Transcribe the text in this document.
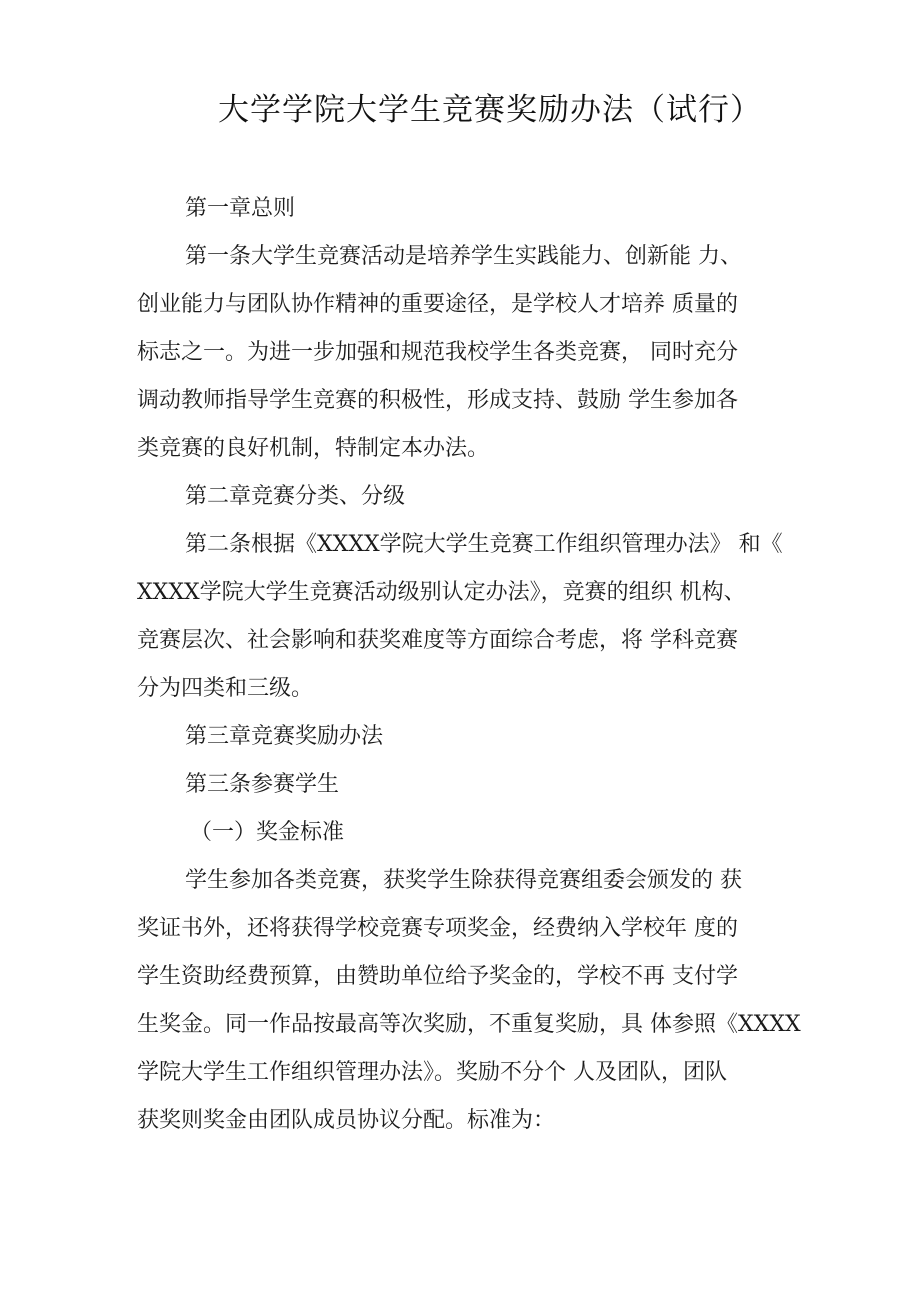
大学学院大学生竞赛奖励办法（试行）

第一章总则

第一条大学生竞赛活动是培养学生实践能力、创新能 力、

创业能力与团队协作精神的重要途径，是学校人才培养 质量的

标志之一。为进一步加强和规范我校学生各类竞赛， 同时充分

调动教师指导学生竞赛的积极性，形成支持、鼓励 学生参加各

类竞赛的良好机制，特制定本办法。

第二章竞赛分类、分级

第二条根据《XXXX学院大学生竞赛工作组织管理办法》 和《

XXXX学院大学生竞赛活动级别认定办法》，竞赛的组织 机构、

竞赛层次、社会影响和获奖难度等方面综合考虑，将 学科竞赛

分为四类和三级。

第三章竞赛奖励办法

第三条参赛学生

（一）奖金标准

学生参加各类竞赛，获奖学生除获得竞赛组委会颁发的 获

奖证书外，还将获得学校竞赛专项奖金，经费纳入学校年 度的

学生资助经费预算，由赞助单位给予奖金的，学校不再 支付学

生奖金。同一作品按最高等次奖励，不重复奖励，具 体参照《XXXX

学院大学生工作组织管理办法》。奖励不分个 人及团队，团队

获奖则奖金由团队成员协议分配。标准为：
